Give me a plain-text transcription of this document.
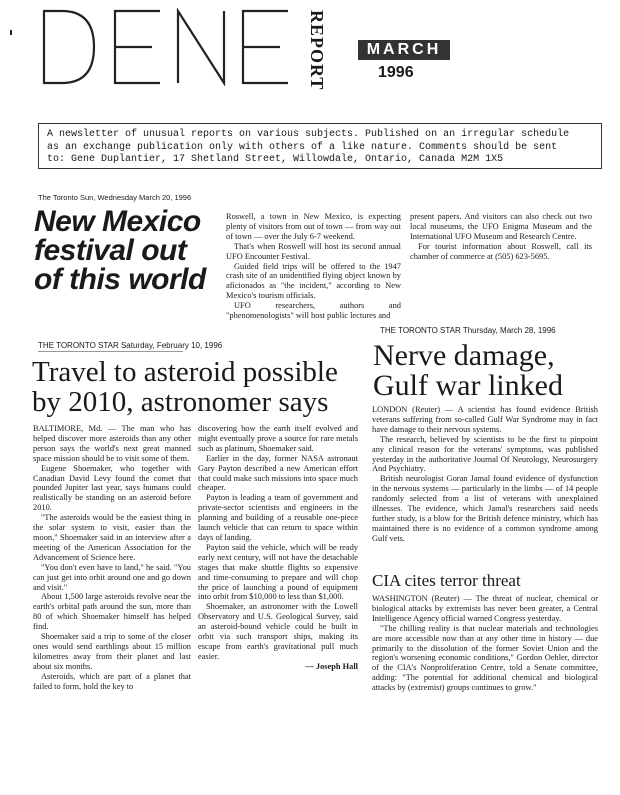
REPORT	MARCH
1996
A newsletter of unusual reports on various subjects. Published on an irregular schedule
as an exchange publication only with others of a like nature. Comments should be sent
to: Gene Duplantier, 17 Shetland Street, Willowdale, Ontario, Canada M2M 1X5
The Toronto Sun, Wednesday March 20, 1996
New Mexico
festival out
of this world

Roswell, a town in New Mexico, is expecting plenty of visitors from out of town — from way out of town — over the July 6-7 weekend.

That's when Roswell will host its second annual UFO Encounter Festival.

Guided field trips will be offered to the 1947 crash site of an unidentified flying object known by aficionados as "the incident," according to New Mexico's tourism officials.

UFO researchers, authors and "phenomenologists" will host public lectures and

present papers. And visitors can also check out two local museums, the UFO Enigma Museum and the International UFO Museum and Research Centre.

For tourist information about Roswell, call its chamber of commerce at (505) 623-5695.

THE TORONTO STAR Saturday, February 10, 1996
Travel to asteroid possible
by 2010, astronomer says

BALTIMORE, Md. — The man who has helped discover more asteroids than any other person says the world's next great manned space mission should be to visit some of them.

Eugene Shoemaker, who together with Canadian David Levy found the comet that pounded Jupiter last year, says humans could realistically be standing on an asteroid before 2010.

"The asteroids would be the easiest thing in the solar system to visit, easier than the moon," Shoemaker said in an interview after a meeting of the American Association for the Advancement of Science here.

"You don't even have to land," he said. "You can just get into orbit around one and go down and visit."

About 1,500 large asteroids revolve near the earth's orbital path around the sun, more than 80 of which Shoemaker himself has helped find.

Shoemaker said a trip to some of the closer ones would send earthlings about 15 million kilometres away from their planet and last about six months.

Asteroids, which are part of a planet that failed to form, hold the key to

discovering how the earth itself evolved and might eventually prove a source for rare metals such as platinum, Shoemaker said.

Earlier in the day, former NASA astronaut Gary Payton described a new American effort that could make such missions into space much cheaper.

Payton is leading a team of government and private-sector scientists and engineers in the planning and building of a reusable one-piece launch vehicle that can return to space within days of landing.

Payton said the vehicle, which will be ready early next century, will not have the detachable stages that make shuttle flights so expensive and time-consuming to prepare and will chop the price of launching a pound of equipment into orbit from $10,000 to less than $1,000.

Shoemaker, an astronomer with the Lowell Observatory and U.S. Geological Survey, said an asteroid-bound vehicle could be built in orbit via such transport ships, making its escape from earth's gravitational pull much easier.

— Joseph Hall

THE TORONTO STAR Thursday, March 28, 1996
Nerve damage,
Gulf war linked

LONDON (Reuter) — A scientist has found evidence British veterans suffering from so-called Gulf War Syndrome may in fact have damage to their nervous systems.

The research, believed by scientists to be the first to pinpoint any clinical reason for the veterans' symptoms, was published yesterday in the authoritative Journal Of Neurology, Neurosurgery And Psychiatry.

British neurologist Goran Jamal found evidence of dysfunction in the nervous systems — particularly in the limbs — of 14 people randomly selected from a list of veterans with unexplained illnesses. The evidence, which Jamal's researchers said needs further study, is a blow for the British defence ministry, which has maintained there is no evidence of a common syndrome among Gulf vets.

CIA cites terror threat

WASHINGTON (Reuter) — The threat of nuclear, chemical or biological attacks by extremists has never been greater, a Central Intelligence Agency official warned Congress yesterday.

"The chilling reality is that nuclear materials and technologies are more accessible now than at any other time in history — due primarily to the dissolution of the former Soviet Union and the region's worsening economic conditions," Gordon Oehler, director of the CIA's Nonproliferation Centre, told a Senate committee, adding: "The potential for additional chemical and biological attacks by (extremist) groups continues to grow."
